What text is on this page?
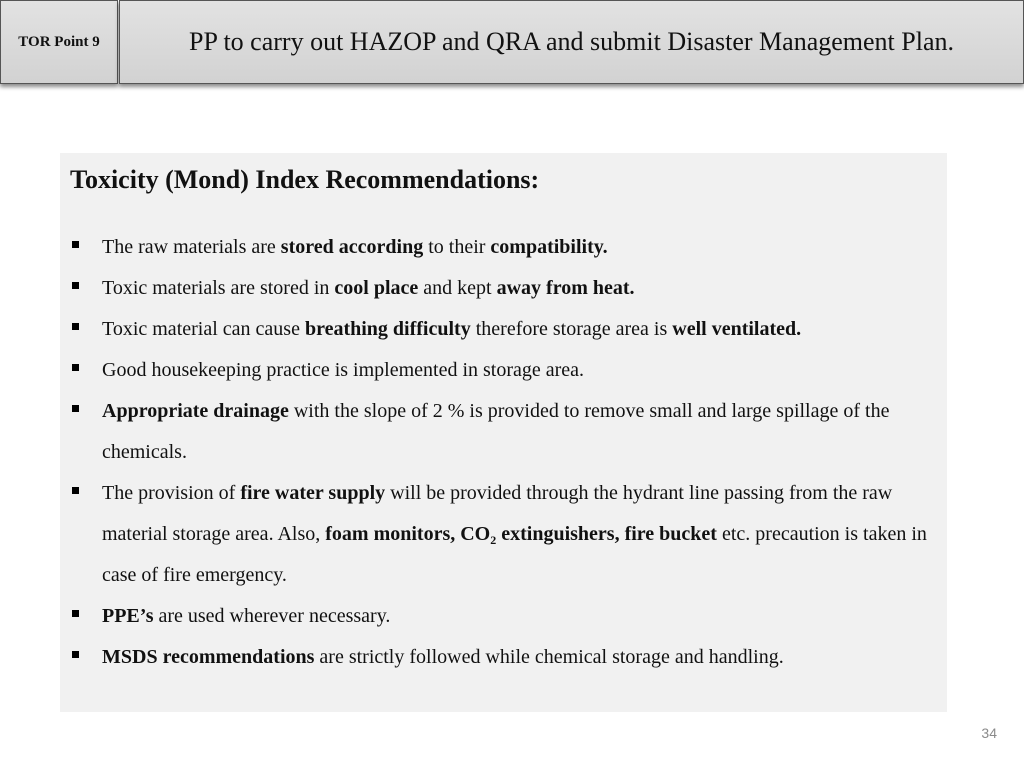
TOR Point 9	PP to carry out HAZOP and QRA and submit Disaster Management Plan.
Toxicity (Mond) Index Recommendations:
The raw materials are stored according to their compatibility.
Toxic materials are stored in cool place and kept away from heat.
Toxic material can cause breathing difficulty therefore storage area is well ventilated.
Good housekeeping practice is implemented in storage area.
Appropriate drainage with the slope of 2 % is provided to remove small and large spillage of the chemicals.
The provision of fire water supply will be provided through the hydrant line passing from the raw material storage area. Also, foam monitors, $CO_2$ extinguishers, fire bucket etc. precaution is taken in case of fire emergency.
PPE’s are used wherever necessary.
MSDS recommendations are strictly followed while chemical storage and handling.
34
